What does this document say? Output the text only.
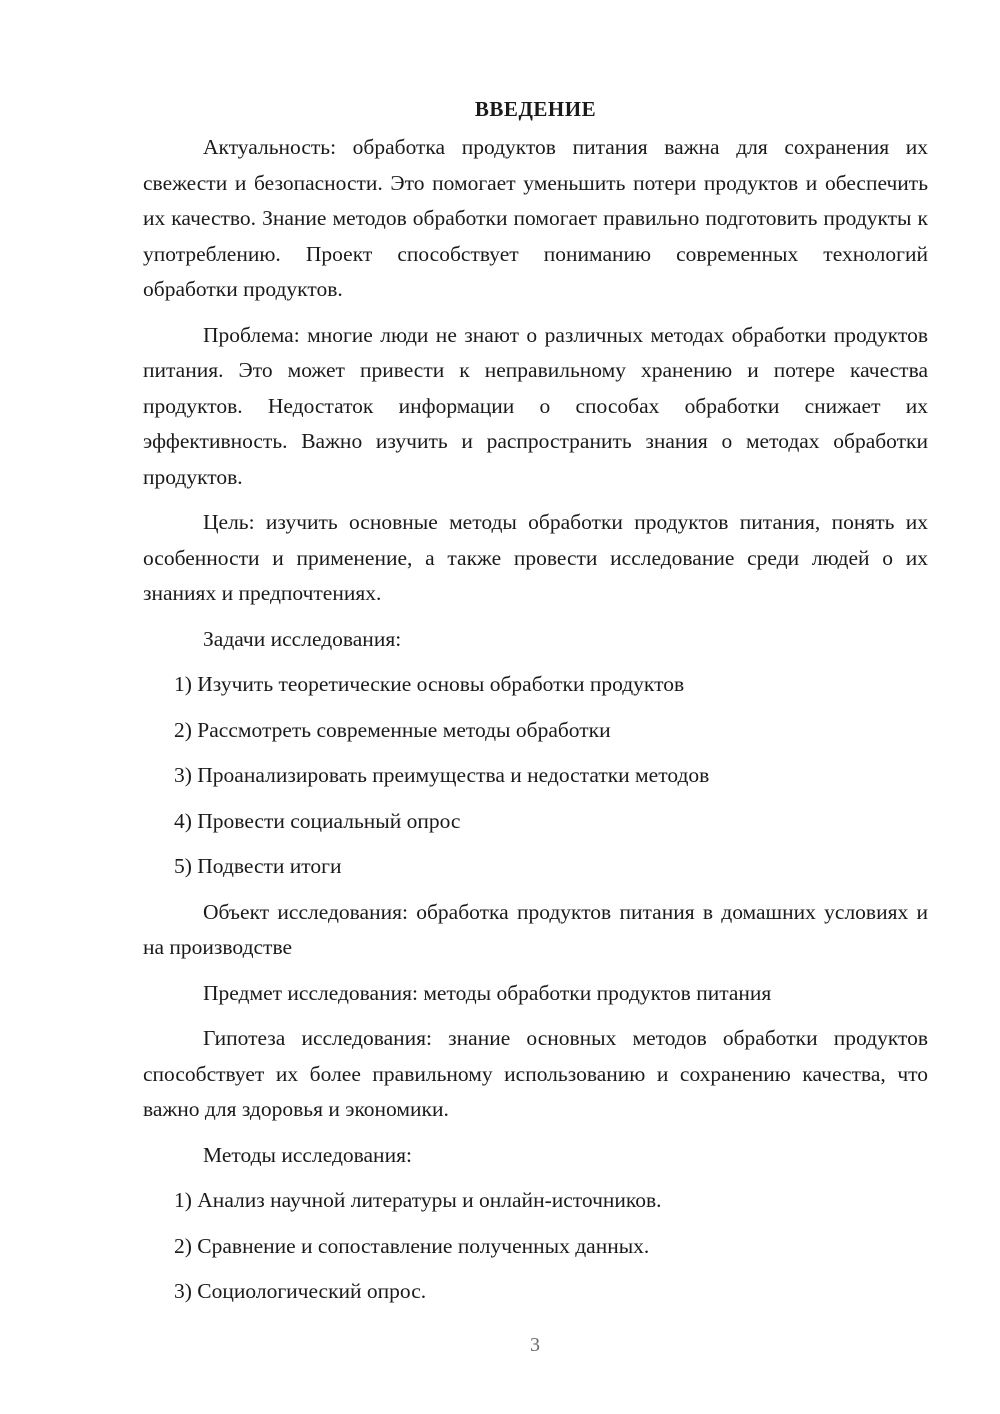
ВВЕДЕНИЕ

Актуальность: обработка продуктов питания важна для сохранения их свежести и безопасности. Это помогает уменьшить потери продуктов и обеспечить их качество. Знание методов обработки помогает правильно подготовить продукты к употреблению. Проект способствует пониманию современных технологий обработки продуктов.

Проблема: многие люди не знают о различных методах обработки продуктов питания. Это может привести к неправильному хранению и потере качества продуктов. Недостаток информации о способах обработки снижает их эффективность. Важно изучить и распространить знания о методах обработки продуктов.

Цель: изучить основные методы обработки продуктов питания, понять их особенности и применение, а также провести исследование среди людей о их знаниях и предпочтениях.

Задачи исследования:

1) Изучить теоретические основы обработки продуктов
2) Рассмотреть современные методы обработки
3) Проанализировать преимущества и недостатки методов
4) Провести социальный опрос
5) Подвести итоги

Объект исследования: обработка продуктов питания в домашних условиях и на производстве

Предмет исследования: методы обработки продуктов питания

Гипотеза исследования: знание основных методов обработки продуктов способствует их более правильному использованию и сохранению качества, что важно для здоровья и экономики.

Методы исследования:

1) Анализ научной литературы и онлайн-источников.
2) Сравнение и сопоставление полученных данных.
3) Социологический опрос.
3
